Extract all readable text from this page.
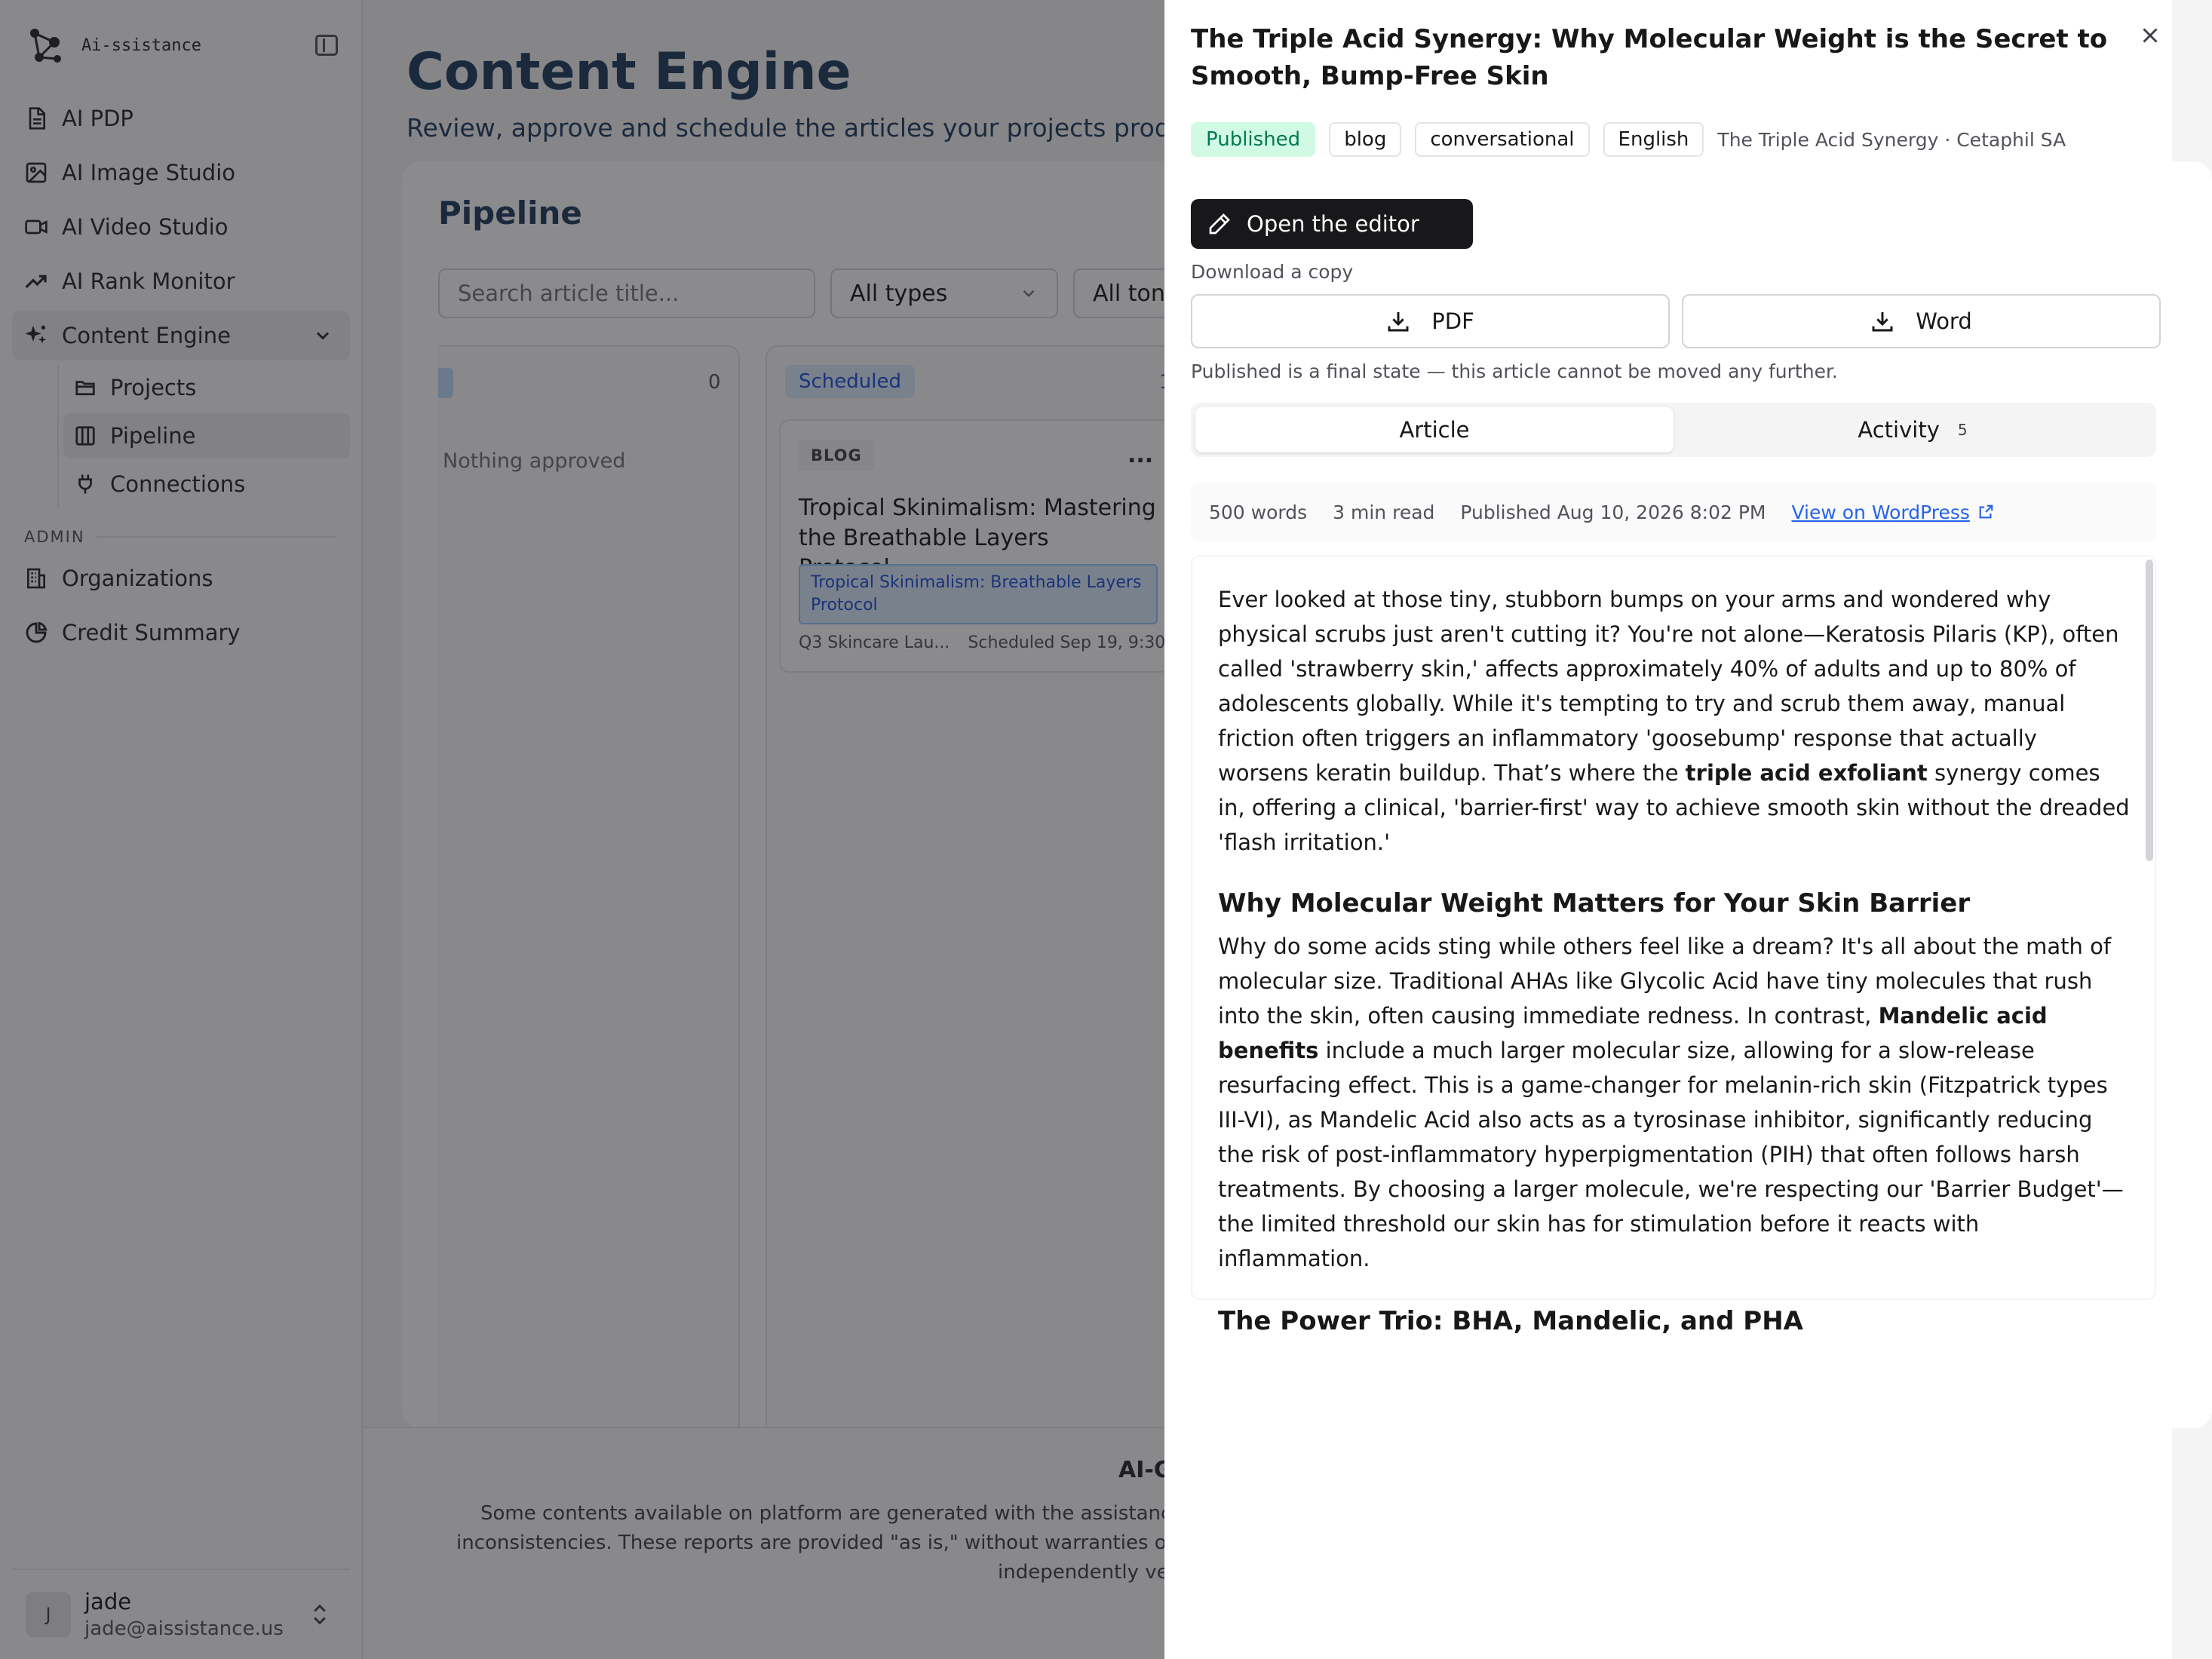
Search article title...
The Triple Acid Synergy: Why Molecular Weight is the Secret to Smooth, Bump-Free Skin
Published	blog	conversational	English	The Triple Acid Synergy · Cetaphil SA
Open the editor
Download a copy
PDF	Word
Published is a final state — this article cannot be moved any further.
Article	Activity 5
500 words 3 min read Published Aug 10, 2026 8:02 PM View on WordPress

Ever looked at those tiny, stubborn bumps on your arms and wondered why physical scrubs just aren't cutting it? You're not alone—Keratosis Pilaris (KP), often called 'strawberry skin,' affects approximately 40% of adults and up to 80% of adolescents globally. While it's tempting to try and scrub them away, manual friction often triggers an inflammatory 'goosebump' response that actually worsens keratin buildup. That’s where the triple acid exfoliant synergy comes in, offering a clinical, 'barrier-first' way to achieve smooth skin without the dreaded 'flash irritation.'

Why Molecular Weight Matters for Your Skin Barrier

Why do some acids sting while others feel like a dream? It's all about the math of molecular size. Traditional AHAs like Glycolic Acid have tiny molecules that rush into the skin, often causing immediate redness. In contrast, Mandelic acid benefits include a much larger molecular size, allowing for a slow-release resurfacing effect. This is a game-changer for melanin-rich skin (Fitzpatrick types III-VI), as Mandelic Acid also acts as a tyrosinase inhibitor, significantly reducing the risk of post-inflammatory hyperpigmentation (PIH) that often follows harsh treatments. By choosing a larger molecule, we're respecting our 'Barrier Budget'—the limited threshold our skin has for stimulation before it reacts with inflammation.

The Power Trio: BHA, Mandelic, and PHA
